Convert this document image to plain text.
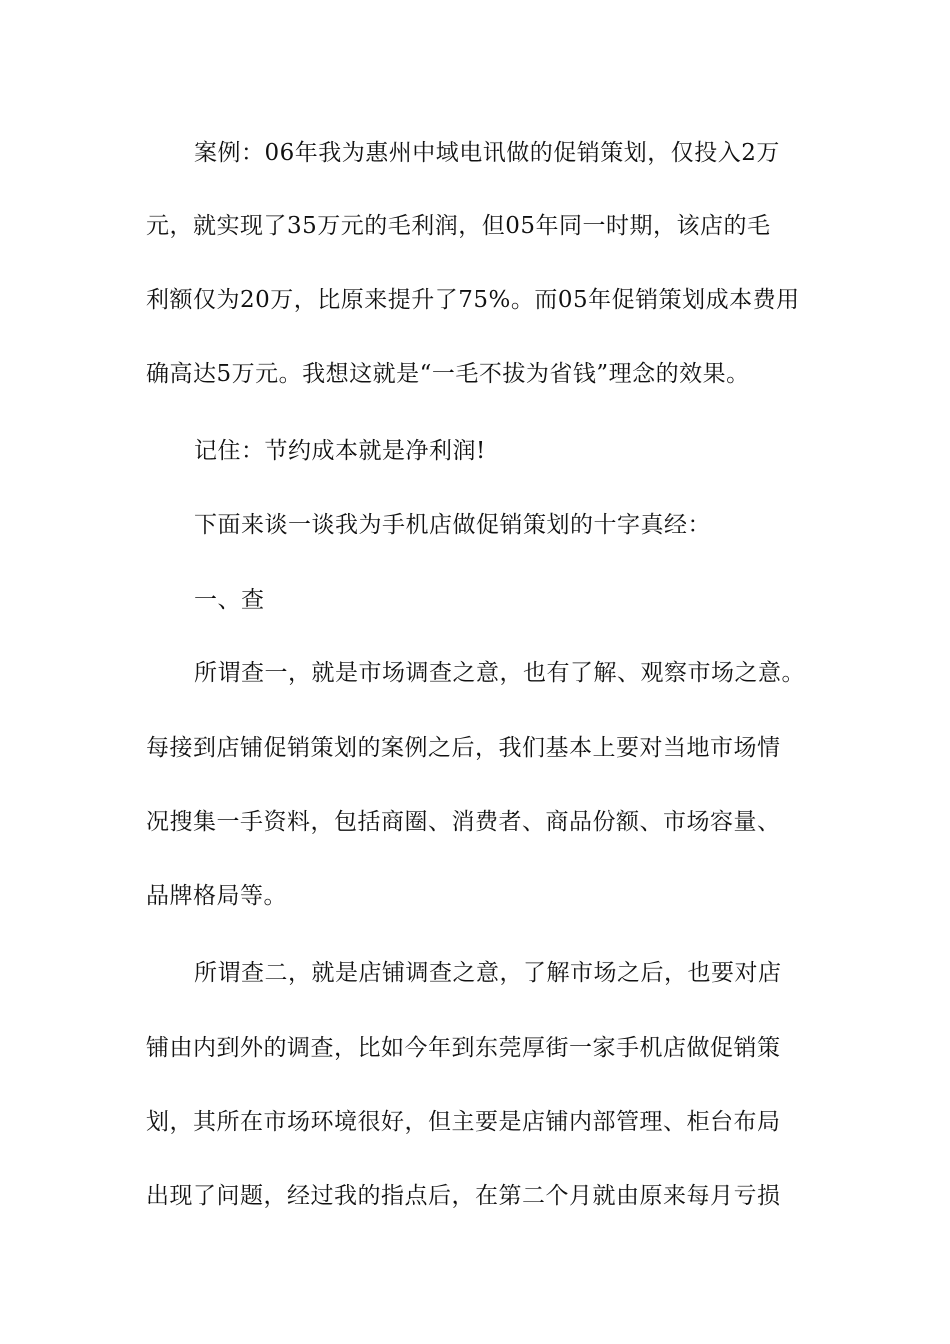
案例：06年我为惠州中域电讯做的促销策划，仅投入2万
元，就实现了35万元的毛利润，但05年同一时期，该店的毛
利额仅为20万，比原来提升了75%。而05年促销策划成本费用
确高达5万元。我想这就是“一毛不拔为省钱”理念的效果。
记住：节约成本就是净利润!
下面来谈一谈我为手机店做促销策划的十字真经：
一、查
所谓查一，就是市场调查之意，也有了解、观察市场之意。
每接到店铺促销策划的案例之后，我们基本上要对当地市场情
况搜集一手资料，包括商圈、消费者、商品份额、市场容量、
品牌格局等。
所谓查二，就是店铺调查之意，了解市场之后，也要对店
铺由内到外的调查，比如今年到东莞厚街一家手机店做促销策
划，其所在市场环境很好，但主要是店铺内部管理、柜台布局
出现了问题，经过我的指点后，在第二个月就由原来每月亏损
